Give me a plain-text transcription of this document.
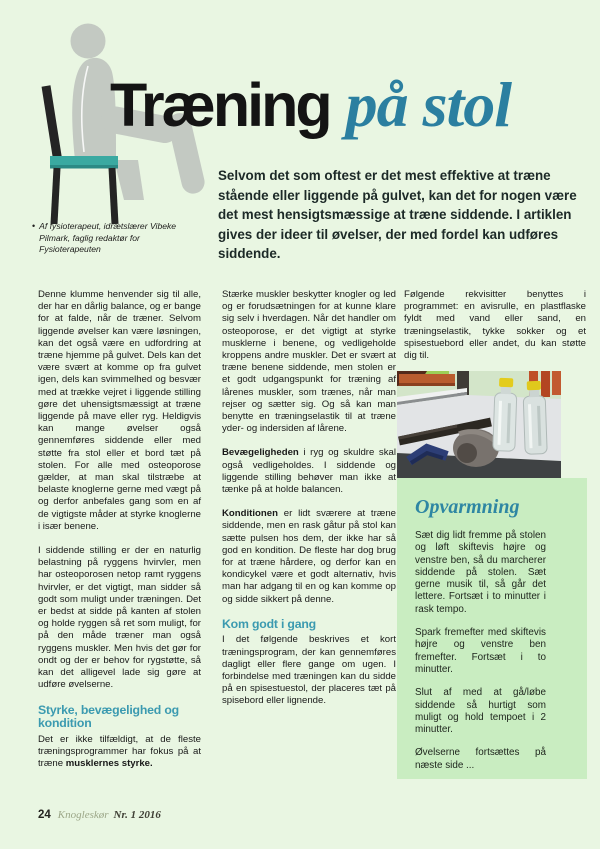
Træning på stol
• Af fysioterapeut, idrætslærer Vibeke Pilmark, faglig redaktør for Fysioterapeuten
Selvom det som oftest er det mest effektive at træne stående eller liggende på gulvet, kan det for nogen være det mest hensigtsmæssige at træne siddende. I artiklen gives der ideer til øvelser, der med fordel kan udføres siddende.

Denne klumme henvender sig til alle, der har en dårlig balance, og er bange for at falde, når de træner. Selvom liggende øvelser kan være løsningen, kan det også være en udfordring at træne hjemme på gulvet. Dels kan det være svært at komme op fra gulvet igen, dels kan svimmelhed og besvær med at trække vejret i liggende stilling gøre det uhensigtsmæssigt at træne liggende på mave eller ryg. Heldigvis kan mange øvelser også gennemføres siddende eller med støtte fra stol eller et bord tæt på stolen. For alle med osteoporose gælder, at man skal tilstræbe at belaste knoglerne gerne med vægt på og derfor anbefales gang som en af de vigtigste måder at styrke knoglerne i især benene.

I siddende stilling er der en naturlig belastning på ryggens hvirvler, men har osteoporosen netop ramt ryggens hvirvler, er det vigtigt, man sidder så godt som muligt under træningen. Det er bedst at sidde på kanten af stolen og holde ryggen så ret som muligt, for på den måde træner man også ryggens muskler. Men hvis det gør for ondt og der er behov for rygstøtte, så kan det alligevel lade sig gøre at udføre øvelserne.

Styrke, bevægelighed og kondition

Det er ikke tilfældigt, at de fleste træningsprogrammer har fokus på at træne musklernes styrke.

Stærke muskler beskytter knogler og led og er forudsætningen for at kunne klare sig selv i hverdagen. Når det handler om osteoporose, er det vigtigt at styrke musklerne i benene, og vedligeholde kroppens andre muskler. Det er svært at træne benene siddende, men stolen er et godt udgangspunkt for træning af lårenes muskler, som trænes, når man rejser og sætter sig. Og så kan man benytte en træningselastik til at træne yder- og indersiden af lårene.

Bevægeligheden i ryg og skuldre skal også vedligeholdes. I siddende og liggende stilling behøver man ikke at tænke på at holde balancen.

Konditionen er lidt sværere at træne siddende, men en rask gåtur på stol kan sætte pulsen hos dem, der ikke har så god en kondition. De fleste har dog brug for at træne hårdere, og derfor kan en kondicykel være et godt alternativ, hvis man har adgang til en og kan komme op og sidde sikkert på denne.

Kom godt i gang

I det følgende beskrives et kort træningsprogram, der kan gennemføres dagligt eller flere gange om ugen. I forbindelse med træningen kan du sidde på en spisestuestol, der placeres tæt på spisebord eller lignende.

Følgende rekvisitter benyttes i programmet: en avisrulle, en plastflaske fyldt med vand eller sand, en træningselastik, tykke sokker og et spisestuebord eller andet, du kan støtte dig til.

Opvarmning

Sæt dig lidt fremme på stolen og løft skiftevis højre og venstre ben, så du marcherer siddende på stolen. Sæt gerne musik til, så går det lettere. Fortsæt i to minutter i rask tempo.

Spark fremefter med skiftevis højre og venstre ben fremefter. Fortsæt i to minutter.

Slut af med at gå/løbe siddende så hurtigt som muligt og hold tempoet i 2 minutter.

Øvelserne fortsættes på næste side ...

24 Knogleskør Nr. 1 2016
